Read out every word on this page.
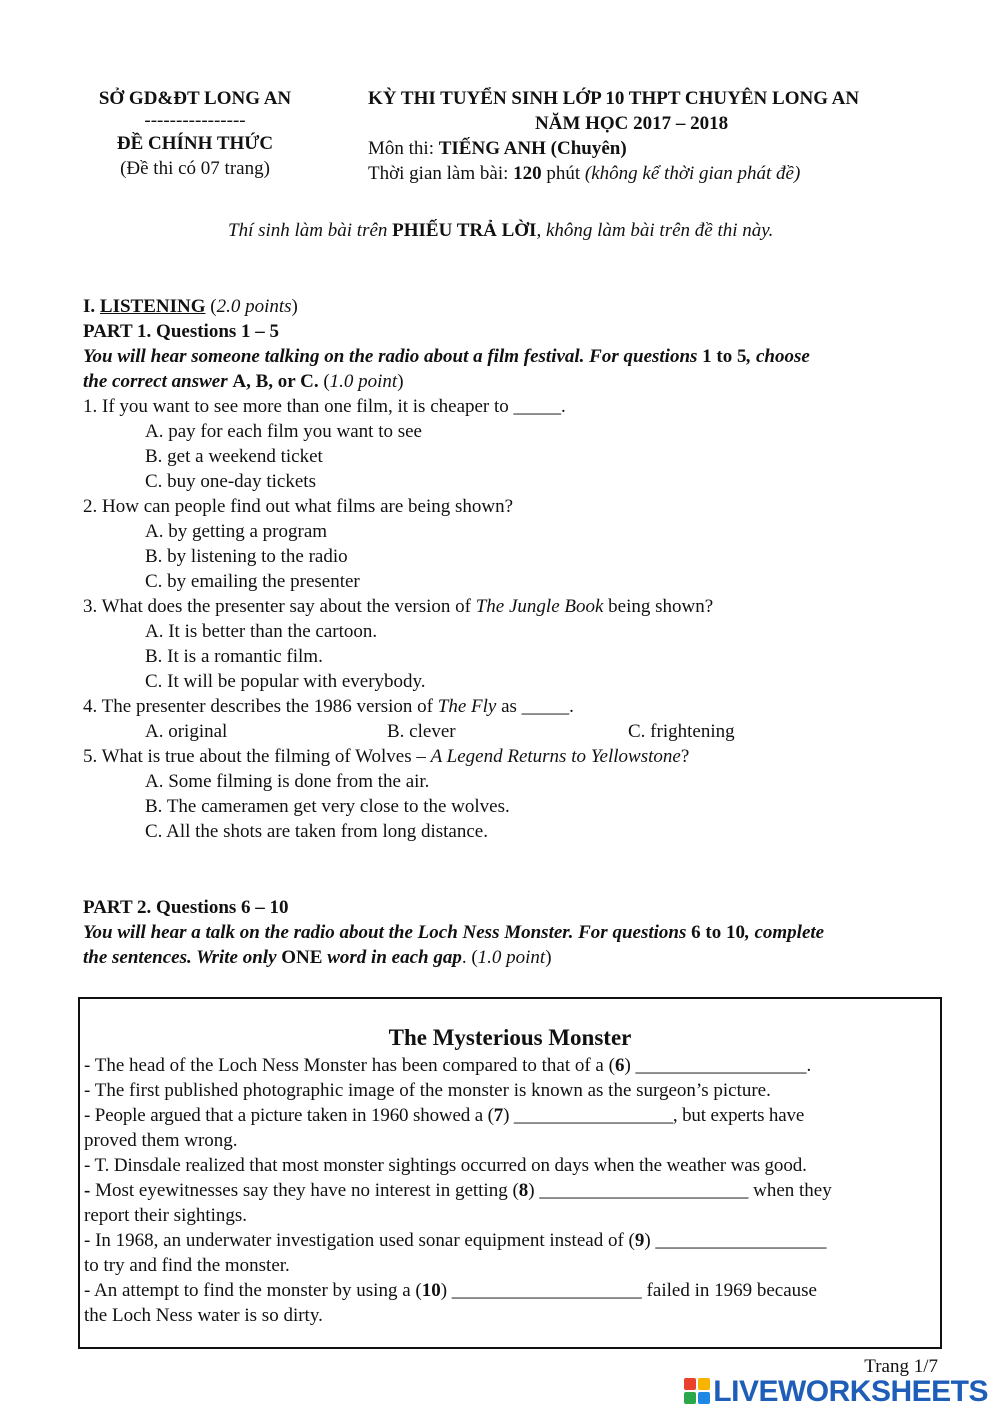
SỞ GD&ĐT LONG AN
----------------
ĐỀ CHÍNH THỨC
(Đề thi có 07 trang)
KỲ THI TUYỂN SINH LỚP 10 THPT CHUYÊN LONG AN
NĂM HỌC 2017 – 2018
Môn thi: TIẾNG ANH (Chuyên)
Thời gian làm bài: 120 phút (không kể thời gian phát đề)
Thí sinh làm bài trên PHIẾU TRẢ LỜI, không làm bài trên đề thi này.
I. LISTENING (2.0 points)
PART 1. Questions 1 – 5
You will hear someone talking on the radio about a film festival. For questions 1 to 5, choose
the correct answer A, B, or C. (1.0 point)
1. If you want to see more than one film, it is cheaper to _____.
A. pay for each film you want to see
B. get a weekend ticket
C. buy one-day tickets
2. How can people find out what films are being shown?
A. by getting a program
B. by listening to the radio
C. by emailing the presenter
3. What does the presenter say about the version of The Jungle Book being shown?
A. It is better than the cartoon.
B. It is a romantic film.
C. It will be popular with everybody.
4. The presenter describes the 1986 version of The Fly as _____.
A. original	B. clever	C. frightening
5. What is true about the filming of Wolves – A Legend Returns to Yellowstone?
A. Some filming is done from the air.
B. The cameramen get very close to the wolves.
C. All the shots are taken from long distance.
PART 2. Questions 6 – 10
You will hear a talk on the radio about the Loch Ness Monster. For questions 6 to 10, complete
the sentences. Write only ONE word in each gap. (1.0 point)
The Mysterious Monster
- The head of the Loch Ness Monster has been compared to that of a (6) __________________.
- The first published photographic image of the monster is known as the surgeon’s picture.
- People argued that a picture taken in 1960 showed a (7) _________________, but experts have
proved them wrong.
- T. Dinsdale realized that most monster sightings occurred on days when the weather was good.
- Most eyewitnesses say they have no interest in getting (8) ______________________ when they
report their sightings.
- In 1968, an underwater investigation used sonar equipment instead of (9) __________________
to try and find the monster.
- An attempt to find the monster by using a (10) ____________________ failed in 1969 because
the Loch Ness water is so dirty.
Trang 1/7
LIVEWORKSHEETS
